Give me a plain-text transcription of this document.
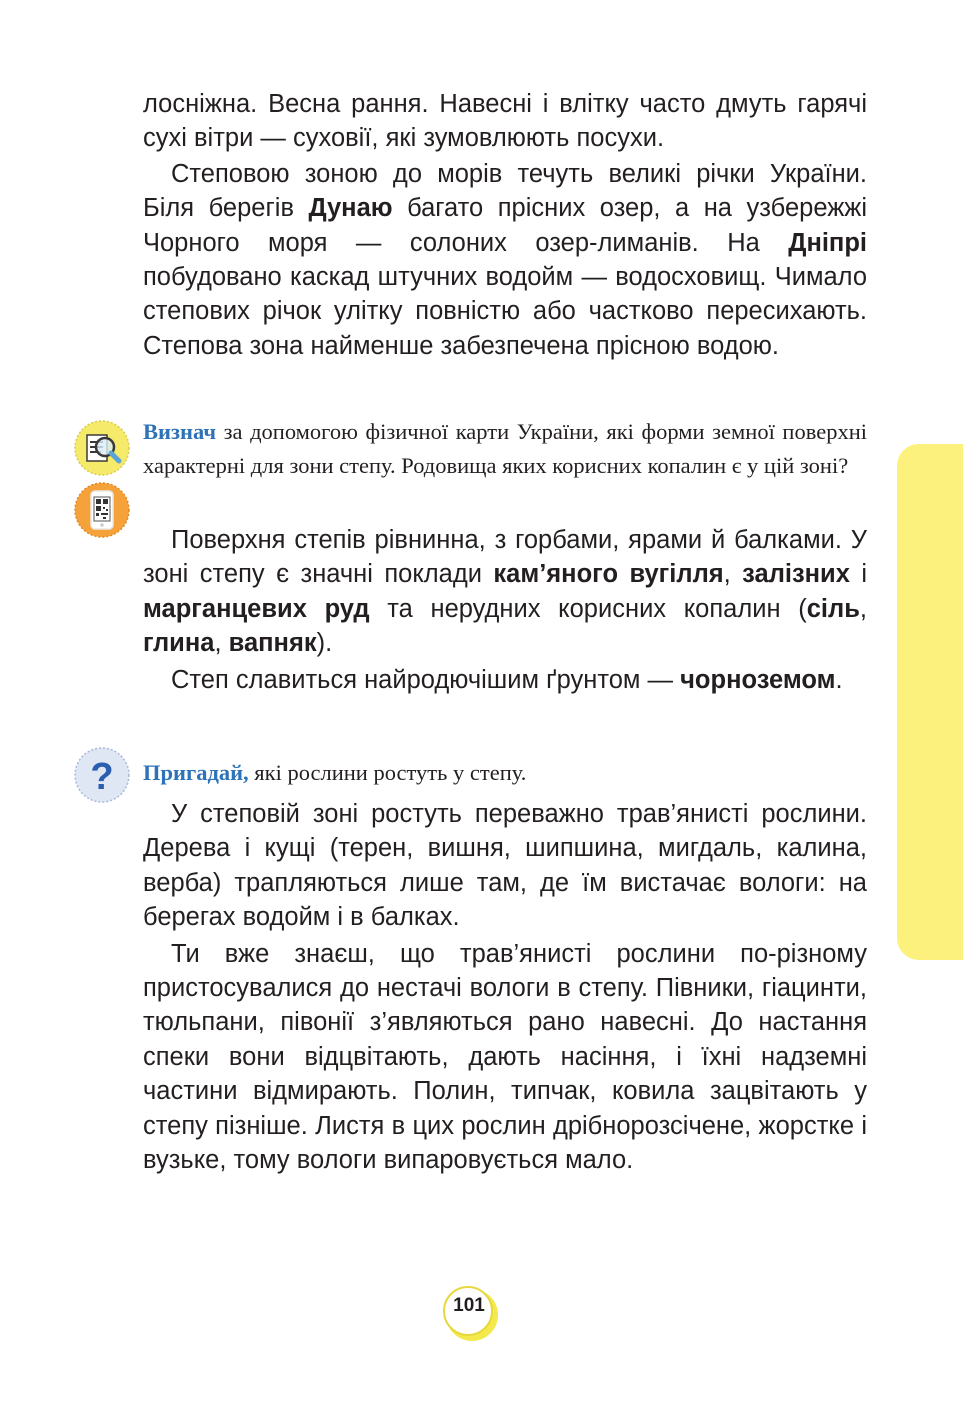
лосніжна. Весна рання. Навесні і влітку часто дмуть гарячі сухі вітри — суховії, які зумовлюють посухи.

Степовою зоною до морів течуть великі річки України. Біля берегів Дунаю багато прісних озер, а на узбережжі Чорного моря — солоних озер-лиманів. На Дніпрі побудовано каскад штучних водойм — водосховищ. Чимало степових річок улітку повністю або частково пересихають. Степова зона найменше забезпечена прісною водою.

Визнач за допомогою фізичної карти України, які форми земної поверхні характерні для зони степу. Родовища яких корисних копалин є у цій зоні?

Поверхня степів рівнинна, з горбами, ярами й балками. У зоні степу є значні поклади кам’яного вугілля, залізних і марганцевих руд та нерудних корисних копалин (сіль, глина, вапняк).

Степ славиться найродючішим ґрунтом — чорноземом.

? Пригадай, які рослини ростуть у степу.

У степовій зоні ростуть переважно трав’янисті рослини. Дерева і кущі (терен, вишня, шипшина, мигдаль, калина, верба) трапляються лише там, де їм вистачає вологи: на берегах водойм і в балках.

Ти вже знаєш, що трав’янисті рослини по-різному пристосувалися до нестачі вологи в степу. Півники, гіацинти, тюльпани, півонії з’являються рано навесні. До настання спеки вони відцвітають, дають насіння, і їхні надземні частини відмирають. Полин, типчак, ковила зацвітають у степу пізніше. Листя в цих рослин дрібнорозсічене, жорстке і вузьке, тому вологи випаровується мало.

101
